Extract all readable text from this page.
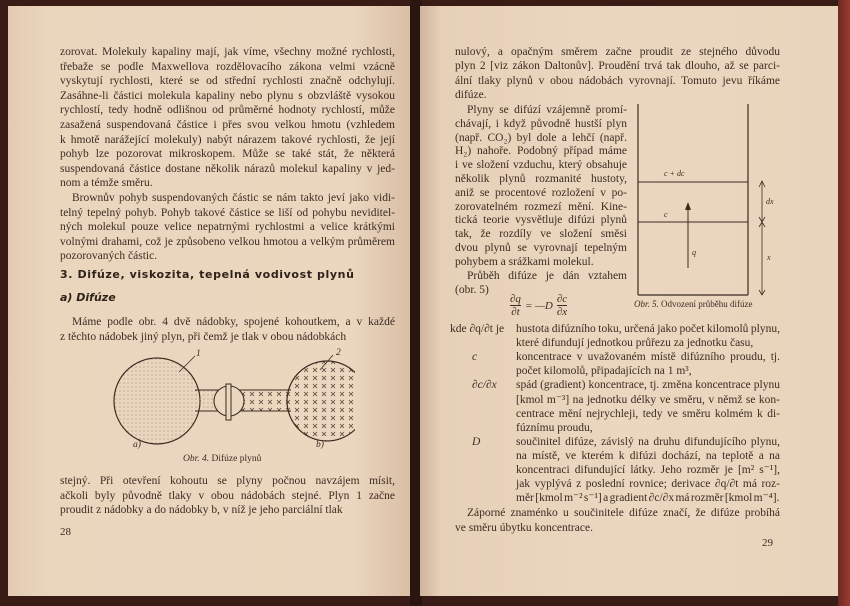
3. Difúze, viskozita, tepelná vodivost plynů
a) Difúze
1	2
a)	b)
Obr. 4. Difúze plynů
28
c + dc
c
q
dx
x
Obr. 5. Odvození průběhu difúze
$\frac{\partial q}{\partial t}$ = —D $\frac{\partial c}{\partial x}$
29
zorovat. Molekuly kapaliny mají, jak víme, všechny možné rychlosti,
třebaže se podle Maxwellova rozdělovacího zákona velmi vzácně
vyskytují rychlosti, které se od střední rychlosti značně odchylují.
Zasáhne-li částici molekula kapaliny nebo plynu s obzvláště vysokou
rychlostí, tedy hodně odlišnou od průměrné hodnoty rychlostí, může
zasažená suspendovaná částice i přes svou velkou hmotu (vzhledem
k hmotě narážející molekuly) nabýt nárazem takové rychlosti, že její
pohyb lze pozorovat mikroskopem. Může se také stát, že některá
suspendovaná částice dostane několik nárazů molekul kapaliny v jed-
nom a témže směru.
Brownův pohyb suspendovaných částic se nám takto jeví jako vidi-
telný tepelný pohyb. Pohyb takové částice se liší od pohybu neviditel-
ných molekul pouze velice nepatrnými rychlostmi a velice krátkými
volnými drahami, což je způsobeno velkou hmotou a velkým průměrem
pozorovaných částic.
Máme podle obr. 4 dvě nádobky, spojené kohoutkem, a v každé
z těchto nádobek jiný plyn, při čemž je tlak v obou nádobkách
stejný. Při otevření kohoutu se plyny počnou navzájem mísit,
ačkoli byly původně tlaky v obou nádobách stejné. Plyn 1 začne
proudit z nádobky a do nádobky b, v níž je jeho parciální tlak
nulový, a opačným směrem začne proudit ze stejného důvodu
plyn 2 [viz zákon Daltonův]. Proudění trvá tak dlouho, až se parci-
ální tlaky plynů v obou nádobách vyrovnají. Tomuto jevu říkáme
difúze.
Plyny se difúzí vzájemně promí-
chávají, i když původně hustší plyn
(např. CO₂) byl dole a lehčí (např.
H₂) nahoře. Podobný případ máme
i ve složení vzduchu, který obsahuje
několik plynů rozmanité hustoty,
aniž se procentové rozložení v po-
zorovatelném rozmezí mění. Kine-
tická teorie vysvětluje difúzi plynů
tak, že rozdíly ve složení směsi
dvou plynů se vyrovnají tepelným
pohybem a srážkami molekul.
Průběh difúze je dán vztahem
(obr. 5)
kde ∂q/∂t je hustota difúzního toku, určená jako počet kilomolů plynu,
které difundují jednotkou průřezu za jednotku času,
c	koncentrace v uvažovaném místě difúzního proudu, tj.
počet kilomolů, připadajících na 1 m³,
∂c/∂x spád (gradient) koncentrace, tj. změna koncentrace plynu
[kmol m⁻³] na jednotku délky ve směru, v němž se kon-
centrace mění nejrychleji, tedy ve směru kolmém k di-
fúznímu proudu,
D	součinitel difúze, závislý na druhu difundujícího plynu,
na místě, ve kterém k difúzi dochází, na teplotě a na
koncentraci difundující látky. Jeho rozměr je [m² s⁻¹],
jak vyplývá z poslední rovnice; derivace ∂q/∂t má roz-
měr [kmol m⁻² s⁻¹] a gradient ∂c/∂x má rozměr [kmol m⁻⁴].
Záporné znaménko u součinitele difúze značí, že difúze probíhá
ve směru úbytku koncentrace.
